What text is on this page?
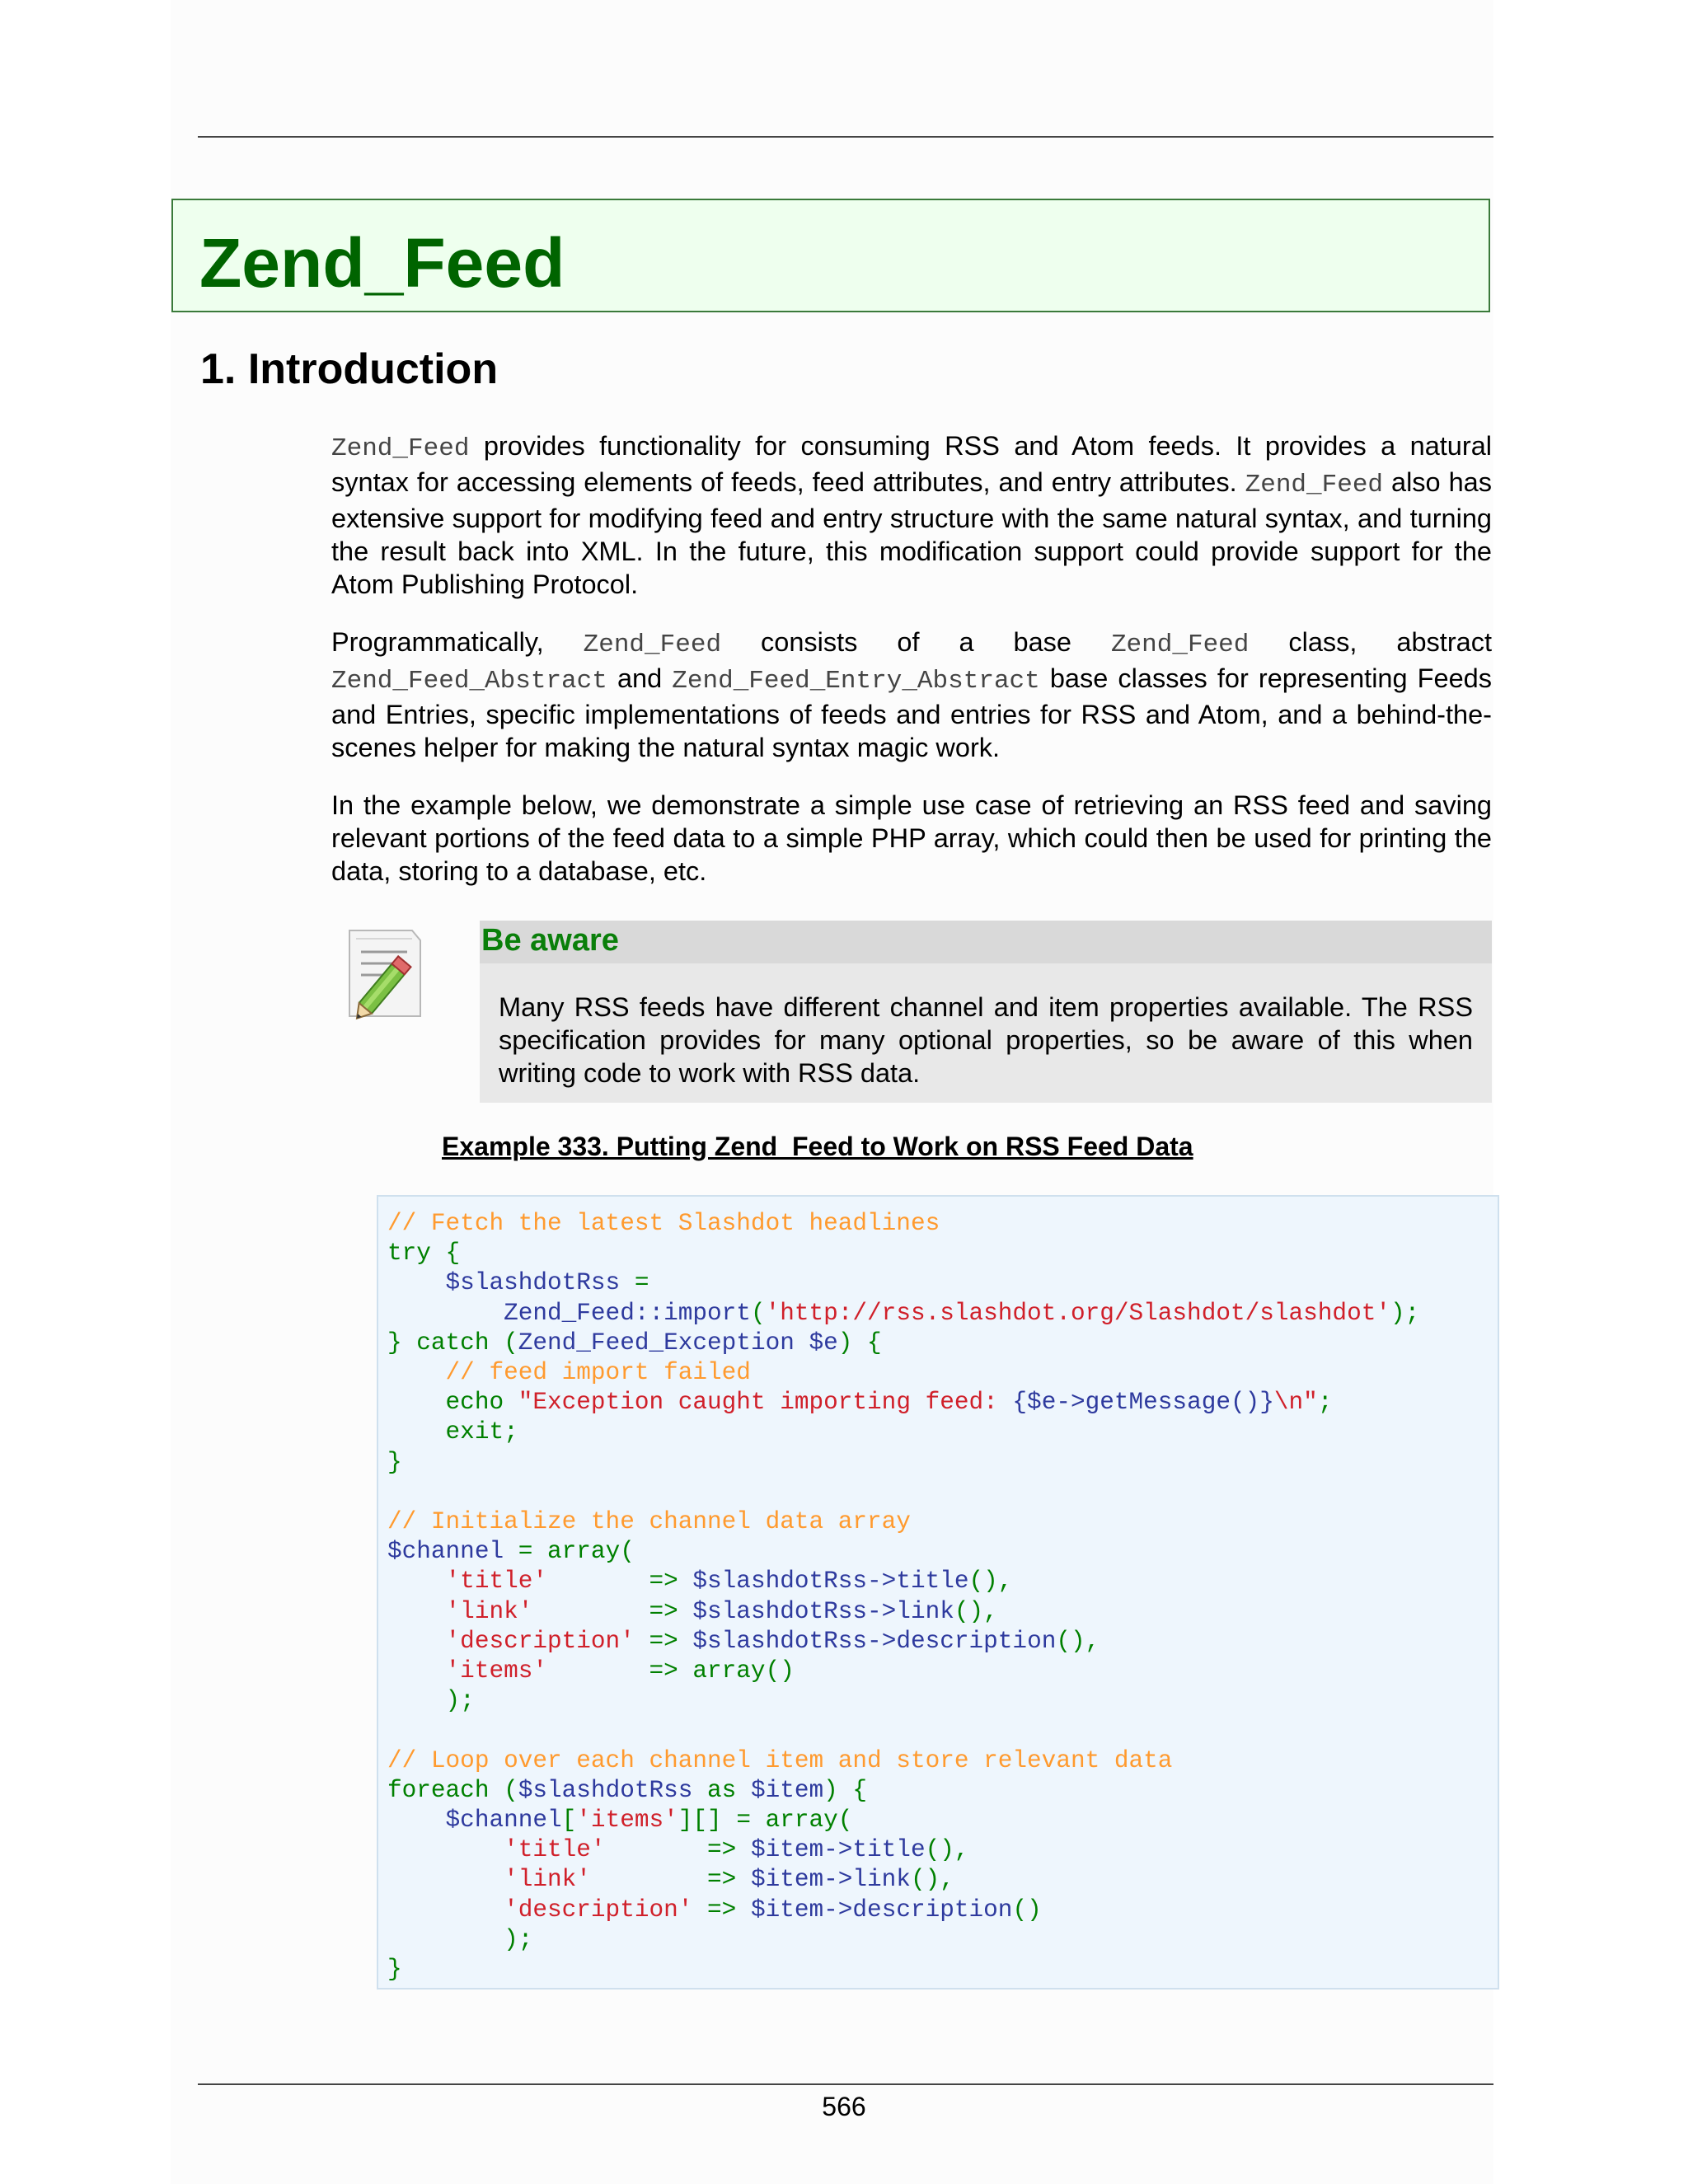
Zend_Feed
1. Introduction

Zend_Feed provides functionality for consuming RSS and Atom feeds. It provides a natural syntax for accessing elements of feeds, feed attributes, and entry attributes. Zend_Feed also has extensive support for modifying feed and entry structure with the same natural syntax, and turning the result back into XML. In the future, this modification support could provide support for the Atom Publishing Protocol.

Programmatically, Zend_Feed consists of a base Zend_Feed class, abstract Zend_Feed_Abstract and Zend_Feed_Entry_Abstract base classes for representing Feeds and Entries, specific implementations of feeds and entries for RSS and Atom, and a behind-the-scenes helper for making the natural syntax magic work.

In the example below, we demonstrate a simple use case of retrieving an RSS feed and saving relevant portions of the feed data to a simple PHP array, which could then be used for printing the data, storing to a database, etc.

Be aware

Many RSS feeds have different channel and item properties available. The RSS specification provides for many optional properties, so be aware of this when writing code to work with RSS data.

Example 333. Putting Zend_Feed to Work on RSS Feed Data

// Fetch the latest Slashdot headlines
try {
$slashdotRss =
Zend_Feed::import('http://rss.slashdot.org/Slashdot/slashdot');
} catch (Zend_Feed_Exception $e) {
// feed import failed
echo "Exception caught importing feed: {$e->getMessage()}\n";
exit;
}

// Initialize the channel data array
$channel = array(
'title'       => $slashdotRss->title(),
'link'        => $slashdotRss->link(),
'description' => $slashdotRss->description(),
'items'       => array()
);

// Loop over each channel item and store relevant data
foreach ($slashdotRss as $item) {
$channel['items'][] = array(
'title'       => $item->title(),
'link'        => $item->link(),
'description' => $item->description()
);
}

566
